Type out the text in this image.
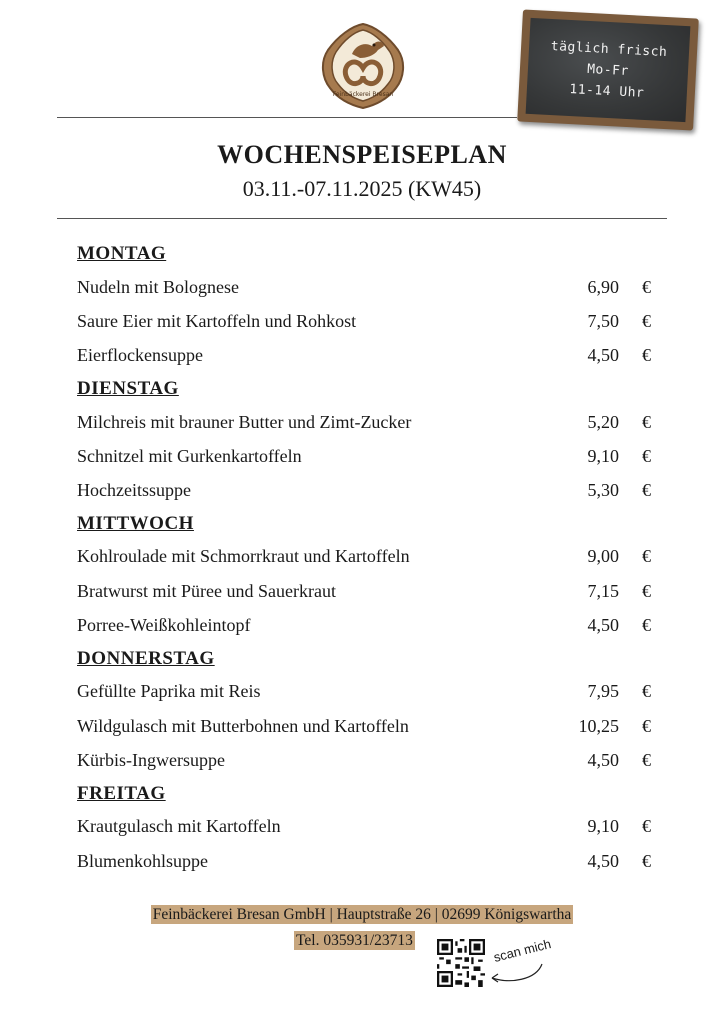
Feinbäckerei Bresan
täglich frisch
Mo-Fr
11-14 Uhr
WOCHENSPEISEPLAN
03.11.-07.11.2025 (KW45)
MONTAG
Nudeln mit Bolognese	6,90	€
Saure Eier mit Kartoffeln und Rohkost	7,50	€
Eierflockensuppe	4,50	€
DIENSTAG
Milchreis mit brauner Butter und Zimt-Zucker	5,20	€
Schnitzel mit Gurkenkartoffeln	9,10	€
Hochzeitssuppe	5,30	€
MITTWOCH
Kohlroulade mit Schmorrkraut und Kartoffeln	9,00	€
Bratwurst mit Püree und Sauerkraut	7,15	€
Porree-Weißkohleintopf	4,50	€
DONNERSTAG
Gefüllte Paprika mit Reis	7,95	€
Wildgulasch mit Butterbohnen und Kartoffeln	10,25	€
Kürbis-Ingwersuppe	4,50	€
FREITAG
Krautgulasch mit Kartoffeln	9,10	€
Blumenkohlsuppe	4,50	€
Feinbäckerei Bresan GmbH | Hauptstraße 26 | 02699 Königswartha
Tel. 035931/23713	scan mich
